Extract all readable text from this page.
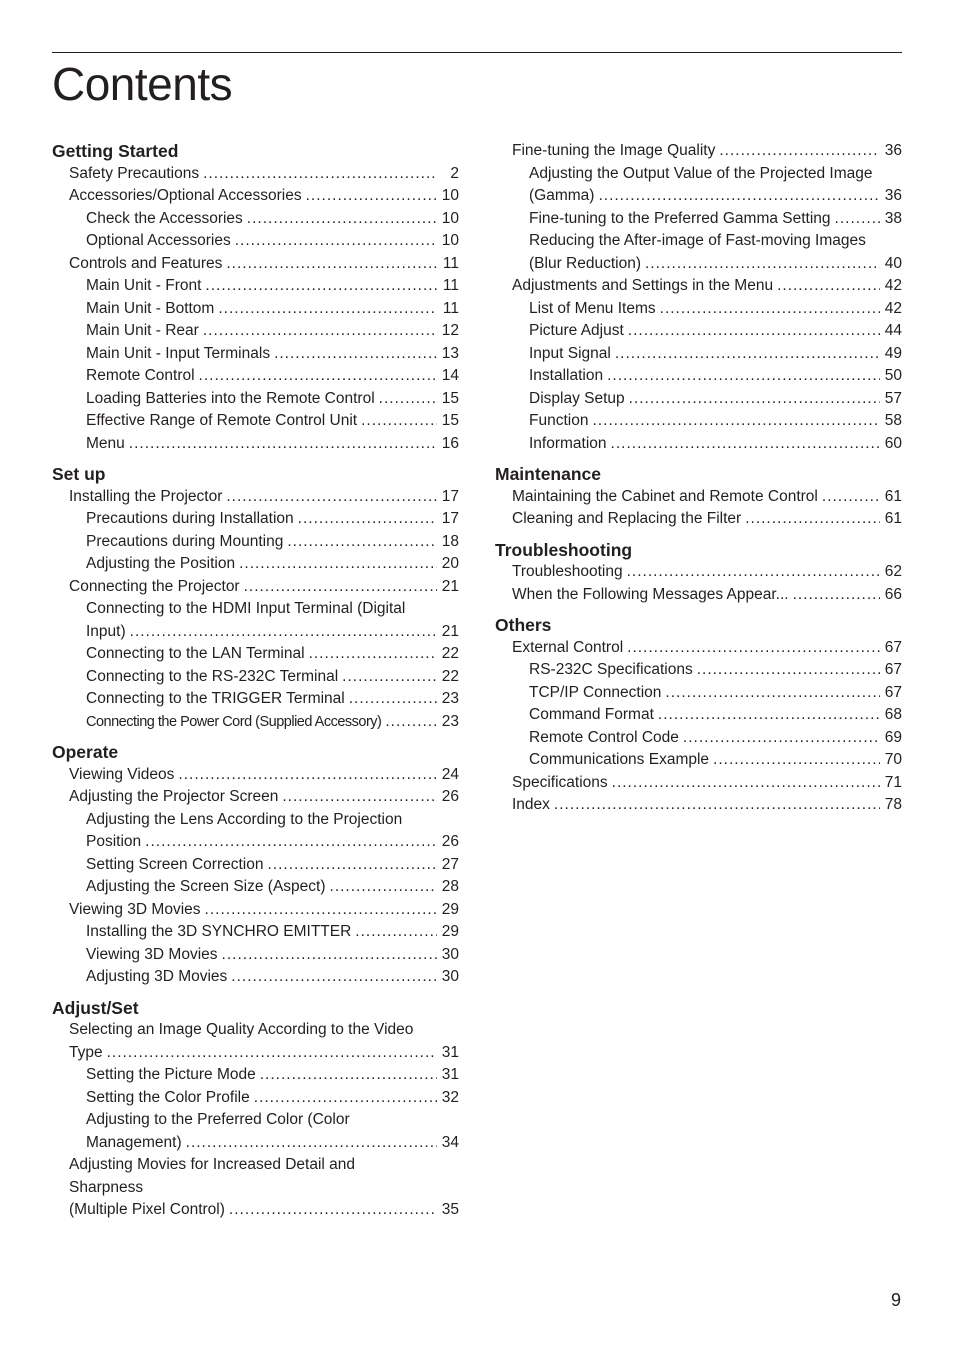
Contents
Getting Started
Safety Precautions .....	2
Accessories/Optional Accessories .....	10
Check the Accessories .....	10
Optional Accessories .....	10
Controls and Features .....	11
Main Unit - Front .....	11
Main Unit - Bottom .....	11
Main Unit - Rear .....	12
Main Unit - Input Terminals .....	13
Remote Control .....	14
Loading Batteries into the Remote Control .....	15
Effective Range of Remote Control Unit .....	15
Menu .....	16
Set up
Installing the Projector .....	17
Precautions during Installation .....	17
Precautions during Mounting .....	18
Adjusting the Position .....	20
Connecting the Projector .....	21
Connecting to the HDMI Input Terminal (Digital
Input) .....	21
Connecting to the LAN Terminal .....	22
Connecting to the RS-232C Terminal .....	22
Connecting to the TRIGGER Terminal .....	23
Connecting the Power Cord (Supplied Accessory) .....	23
Operate
Viewing Videos .....	24
Adjusting the Projector Screen .....	26
Adjusting the Lens According to the Projection
Position .....	26
Setting Screen Correction .....	27
Adjusting the Screen Size (Aspect) .....	28
Viewing 3D Movies .....	29
Installing the 3D SYNCHRO EMITTER .....	29
Viewing 3D Movies .....	30
Adjusting 3D Movies .....	30
Adjust/Set
Selecting an Image Quality According to the Video
Type .....	31
Setting the Picture Mode .....	31
Setting the Color Profile .....	32
Adjusting to the Preferred Color (Color
Management) .....	34
Adjusting Movies for Increased Detail and Sharpness
(Multiple Pixel Control) .....	35
Fine-tuning the Image Quality .....	36
Adjusting the Output Value of the Projected Image
(Gamma) .....	36
Fine-tuning to the Preferred Gamma Setting .....	38
Reducing the After-image of Fast-moving Images
(Blur Reduction) .....	40
Adjustments and Settings in the Menu .....	42
List of Menu Items .....	42
Picture Adjust .....	44
Input Signal .....	49
Installation .....	50
Display Setup .....	57
Function .....	58
Information .....	60
Maintenance
Maintaining the Cabinet and Remote Control .....	61
Cleaning and Replacing the Filter .....	61
Troubleshooting
Troubleshooting .....	62
When the Following Messages Appear... .....	66
Others
External Control .....	67
RS-232C Specifications .....	67
TCP/IP Connection .....	67
Command Format .....	68
Remote Control Code .....	69
Communications Example .....	70
Specifications .....	71
Index .....	78
9
